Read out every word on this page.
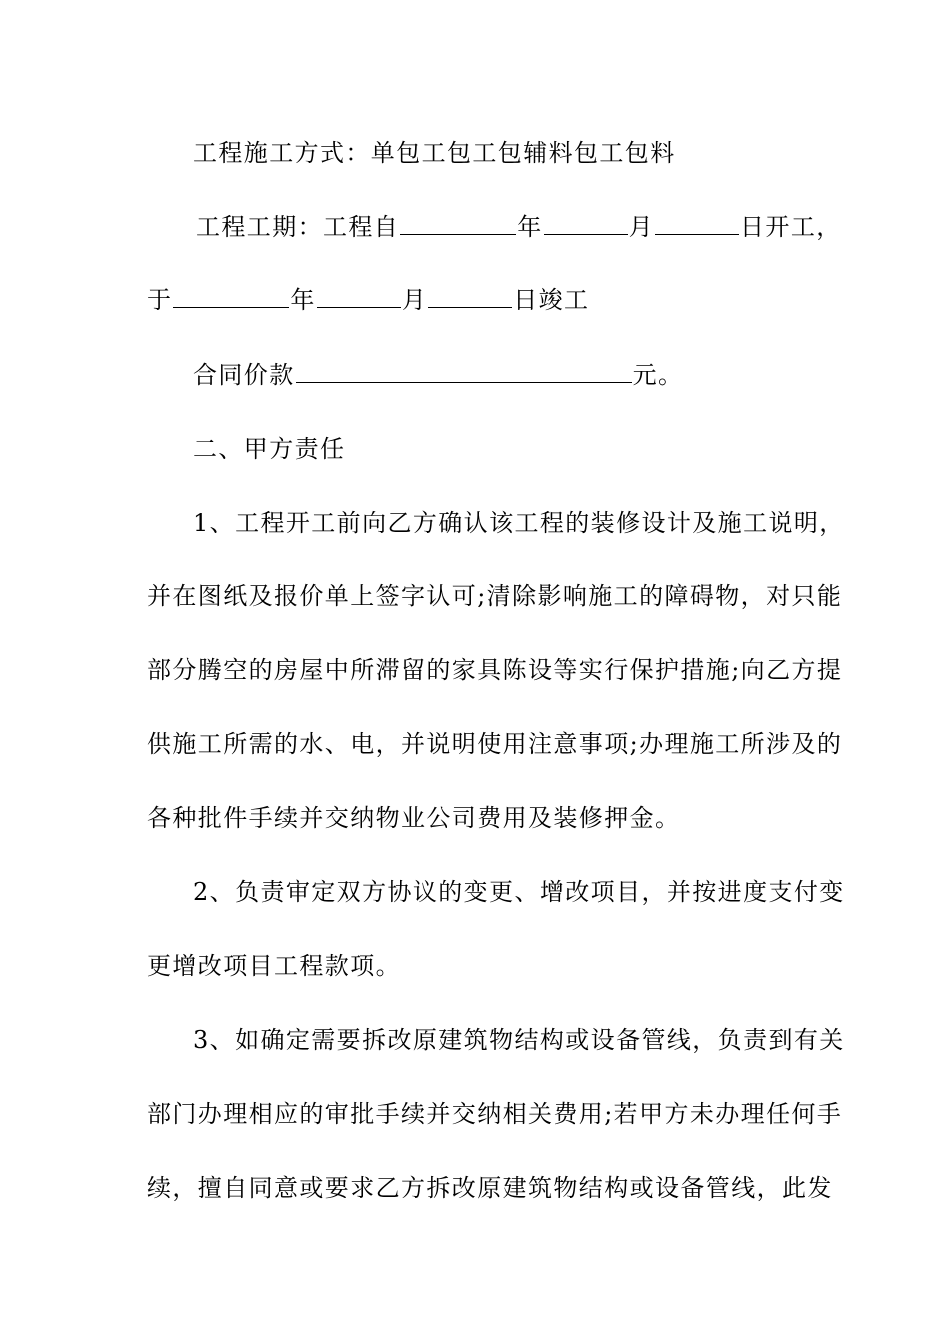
工程施工方式：单包工包工包辅料包工包料
工程工期：工程自	年	月	日开工，
于	年	月	日竣工
合同价款	元。
二、甲方责任
1、工程开工前向乙方确认该工程的装修设计及施工说明，
并在图纸及报价单上签字认可;清除影响施工的障碍物，对只能
部分腾空的房屋中所滞留的家具陈设等实行保护措施;向乙方提
供施工所需的水、电，并说明使用注意事项;办理施工所涉及的
各种批件手续并交纳物业公司费用及装修押金。
2、负责审定双方协议的变更、增改项目，并按进度支付变
更增改项目工程款项。
3、如确定需要拆改原建筑物结构或设备管线，负责到有关
部门办理相应的审批手续并交纳相关费用;若甲方未办理任何手
续，擅自同意或要求乙方拆改原建筑物结构或设备管线，此发
